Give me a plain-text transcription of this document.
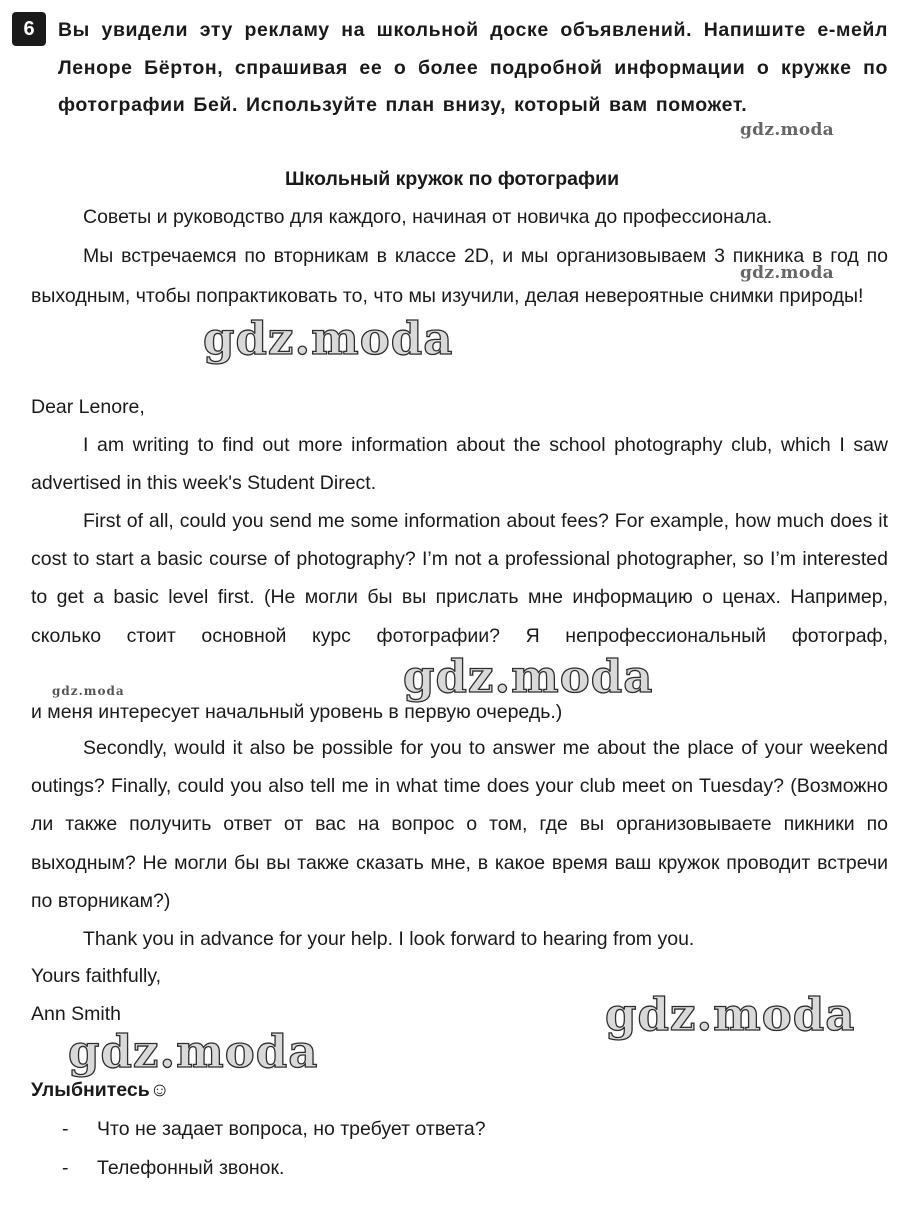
6	Вы увидели эту рекламу на школьной доске объявлений. Напишите е-мейл Леноре Бёртон, спрашивая ее о более подробной информации о кружке по фотографии Бей. Используйте план внизу, который вам поможет.
Школьный кружок по фотографии
Советы и руководство для каждого, начиная от новичка до профессионала.
Мы встречаемся по вторникам в классе 2D, и мы организовываем 3 пикника в год по выходным, чтобы попрактиковать то, что мы изучили, делая невероятные снимки природы!
Dear Lenore,
I am writing to find out more information about the school photography club, which I saw advertised in this week's Student Direct.
First of all, could you send me some information about fees? For example, how much does it cost to start a basic course of photography? I’m not a professional photographer, so I’m interested to get a basic level first. (Не могли бы вы прислать мне информацию о ценах. Например, сколько стоит основной курс фотографии? Я непрофессиональный фотограф,
и меня интересует начальный уровень в первую очередь.)
Secondly, would it also be possible for you to answer me about the place of your weekend outings? Finally, could you also tell me in what time does your club meet on Tuesday? (Возможно ли также получить ответ от вас на вопрос о том, где вы организовываете пикники по выходным? Не могли бы вы также сказать мне, в какое время ваш кружок проводит встречи по вторникам?)
Thank you in advance for your help. I look forward to hearing from you.
Yours faithfully,
Ann Smith
Улыбнитесь☺
- Что не задает вопроса, но требует ответа?
- Телефонный звонок.
gdz.moda
gdz.moda
gdz.moda
gdz.moda	gdz.moda
gdz.moda
gdz.moda
